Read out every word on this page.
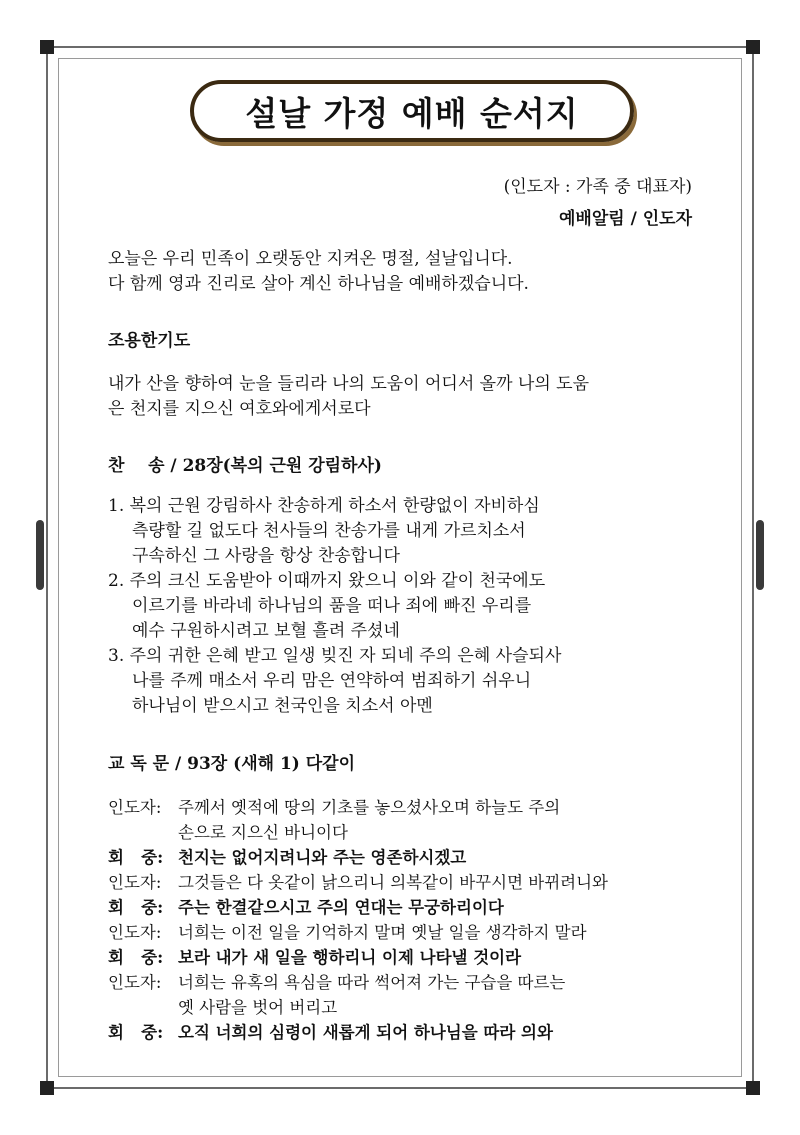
설날 가정 예배 순서지
(인도자 : 가족 중 대표자)
예배알림 / 인도자
오늘은 우리 민족이 오랫동안 지켜온 명절, 설날입니다.
다 함께 영과 진리로 살아 계신 하나님을 예배하겠습니다.
조용한기도
내가 산을 향하여 눈을 들리라 나의 도움이 어디서 올까 나의 도움
은 천지를 지으신 여호와에게서로다
찬    송 / 28장(복의 근원 강림하사)
1. 복의 근원 강림하사 찬송하게 하소서 한량없이 자비하심
측량할 길 없도다 천사들의 찬송가를 내게 가르치소서
구속하신 그 사랑을 항상 찬송합니다
2. 주의 크신 도움받아 이때까지 왔으니 이와 같이 천국에도
이르기를 바라네 하나님의 품을 떠나 죄에 빠진 우리를
예수 구원하시려고 보혈 흘려 주셨네
3. 주의 귀한 은혜 받고 일생 빚진 자 되네 주의 은혜 사슬되사
나를 주께 매소서 우리 맘은 연약하여 범죄하기 쉬우니
하나님이 받으시고 천국인을 치소서 아멘
교 독 문 / 93장 (새해 1) 다같이
인도자: 주께서 옛적에 땅의 기초를 놓으셨사오며 하늘도 주의
손으로 지으신 바니이다
회   중: 천지는 없어지려니와 주는 영존하시겠고
인도자: 그것들은 다 옷같이 낡으리니 의복같이 바꾸시면 바뀌려니와
회   중: 주는 한결같으시고 주의 연대는 무궁하리이다
인도자: 너희는 이전 일을 기억하지 말며 옛날 일을 생각하지 말라
회   중: 보라 내가 새 일을 행하리니 이제 나타낼 것이라
인도자: 너희는 유혹의 욕심을 따라 썩어져 가는 구습을 따르는
옛 사람을 벗어 버리고
회   중: 오직 너희의 심령이 새롭게 되어 하나님을 따라 의와
